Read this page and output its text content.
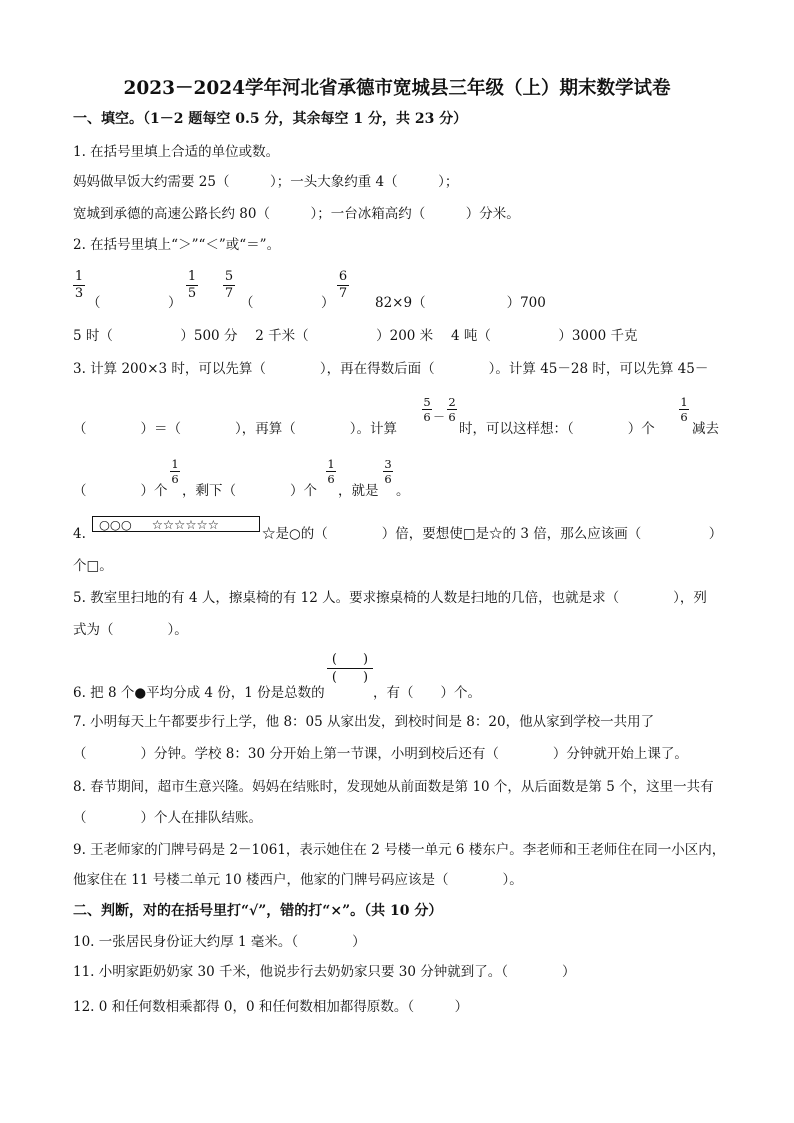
2023－2024学年河北省承德市宽城县三年级（上）期末数学试卷
一、填空。（1－2 题每空 0.5 分，其余每空 1 分，共 23 分）
1. 在括号里填上合适的单位或数。
妈妈做早饭大约需要 25（　　　）；一头大象约重 4（　　　）；
宽城到承德的高速公路长约 80（　　　）；一台冰箱高约（　　　）分米。
2. 在括号里填上“＞”“＜”或“＝”。
1
3
（　　　　　）
1
5
5
7
（　　　　　）
6
7
82×9（　　　　　　）700
5 时（　　　　　）500 分　 2 千米（　　　　　）200 米　 4 吨（　　　　　）3000 千克
3. 计算 200×3 时，可以先算（　　　　），再在得数后面（　　　　）。计算 45－28 时，可以先算 45－
（　　　　）＝（　　　　），再算（　　　　）。计算
5
6 －
2
6
时，可以这样想：（　　　　）个
1
6
减去
（　　　　）个
1
6
，剩下（　　　　）个
1
6
，就是
3
6
。
4.
○○○ ☆☆☆☆☆☆
☆是○的（　　　　）倍，要想使□是☆的 3 倍，那么应该画（　　　　　）
个□。
5. 教室里扫地的有 4 人，擦桌椅的有 12 人。要求擦桌椅的人数是扫地的几倍，也就是求（　　　　），列
式为（　　　　）。
6. 把 8 个●平均分成 4 份，1 份是总数的
(　　)
(　　)
，有（　　）个。
7. 小明每天上午都要步行上学，他 8：05 从家出发，到校时间是 8：20，他从家到学校一共用了
（　　　　）分钟。学校 8：30 分开始上第一节课，小明到校后还有（　　　　）分钟就开始上课了。
8. 春节期间，超市生意兴隆。妈妈在结账时，发现她从前面数是第 10 个，从后面数是第 5 个，这里一共有
（　　　　）个人在排队结账。
9. 王老师家的门牌号码是 2－1061，表示她住在 2 号楼一单元 6 楼东户。李老师和王老师住在同一小区内，
他家住在 11 号楼二单元 10 楼西户，他家的门牌号码应该是（　　　　）。
二、判断，对的在括号里打“√”，错的打“×”。（共 10 分）
10. 一张居民身份证大约厚 1 毫米。（　　　　）
11. 小明家距奶奶家 30 千米，他说步行去奶奶家只要 30 分钟就到了。（　　　　）
12. 0 和任何数相乘都得 0，0 和任何数相加都得原数。（　　　）
